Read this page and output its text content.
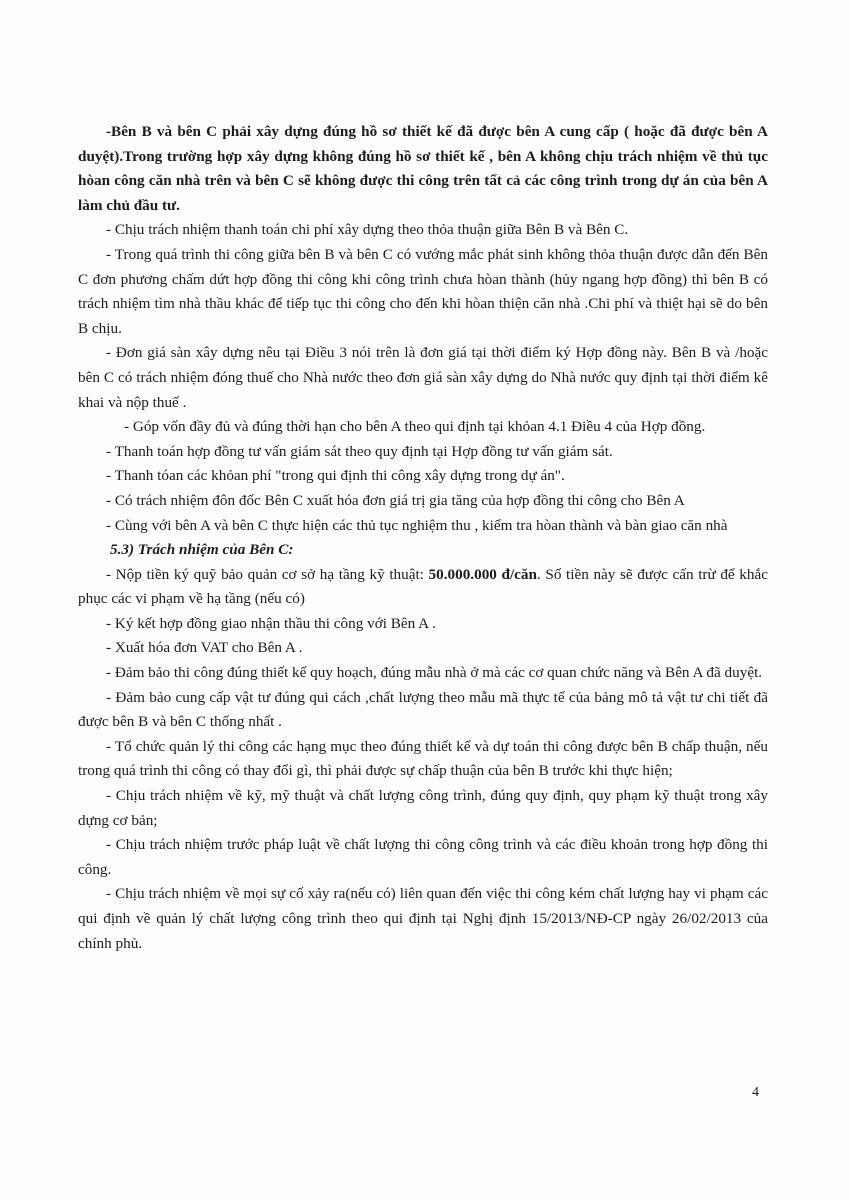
-Bên B và bên C phải xây dựng đúng hồ sơ thiết kế đã được bên A cung cấp ( hoặc đã được bên A duyệt).Trong trường hợp xây dựng không đúng hồ sơ thiết kế , bên A không chịu trách nhiệm về thủ tục hòan công căn nhà trên và bên C sẽ không được thi công trên tất cả các công trình trong dự án của bên A làm chủ đầu tư.

- Chịu trách nhiệm thanh toán chi phí xây dựng theo thỏa thuận giữa Bên B và Bên C.

- Trong quá trình thi công giữa bên B và bên C có vướng mắc phát sinh không thỏa thuận được dẫn đến Bên C đơn phương chấm dứt hợp đồng thi công khi công trình chưa hòan thành (hủy ngang hợp đồng) thì bên B có trách nhiệm tìm nhà thầu khác để tiếp tục thi công cho đến khi hòan thiện căn nhà .Chi phí và thiệt hại sẽ do bên B chịu.

- Đơn giá sàn xây dựng nêu tại Điều 3 nói trên là đơn giá tại thời điểm ký Hợp đồng này. Bên B và /hoặc bên C có trách nhiệm đóng thuế cho Nhà nước theo đơn giá sàn xây dựng do Nhà nước quy định tại thời điểm kê khai và nộp thuế .

- Góp vốn đầy đủ và đúng thời hạn cho bên A theo qui định tại khỏan 4.1 Điều 4 của Hợp đồng.

- Thanh toán hợp đồng tư vấn giám sát theo quy định tại Hợp đồng tư vấn giám sát.

- Thanh tóan các khỏan phí "trong qui định thi công xây dựng trong dự án".

- Có trách nhiệm đôn đốc Bên C xuất hóa đơn giá trị gia tăng của hợp đồng thi công cho Bên A

- Cùng với bên A và bên C thực hiện các thủ tục nghiệm thu , kiểm tra hòan thành và bàn giao căn nhà

5.3) Trách nhiệm của Bên C:

- Nộp tiền ký quỹ bảo quản cơ sở hạ tầng kỹ thuật: 50.000.000 đ/căn. Số tiền này sẽ được cấn trừ để khắc phục các vi phạm về hạ tầng (nếu có)

- Ký kết hợp đồng giao nhận thầu thi công với Bên A .

- Xuất hóa đơn VAT cho Bên A .

- Đảm bảo thi công đúng thiết kế quy hoạch, đúng mẫu nhà ở mà các cơ quan chức năng và Bên A đã duyệt.

- Đảm bảo cung cấp vật tư đúng qui cách ,chất lượng theo mẫu mã thực tế của bảng mô tả vật tư chi tiết đã được bên B và bên C thống nhất .

- Tổ chức quản lý thi công các hạng mục theo đúng thiết kế và dự toán thi công được bên B chấp thuận, nếu trong quá trình thi công có thay đổi gì, thì phải được sự chấp thuận của bên B trước khi thực hiện;

- Chịu trách nhiệm về kỹ, mỹ thuật và chất lượng công trình, đúng quy định, quy phạm kỹ thuật trong xây dựng cơ bản;

- Chịu trách nhiệm trước pháp luật về chất lượng thi công công trình và các điều khoản trong hợp đồng thi công.

- Chịu trách nhiệm về mọi sự cố xảy ra(nếu có) liên quan đến việc thi công kém chất lượng hay vi phạm các qui định về quản lý chất lượng công trình theo qui định tại Nghị định 15/2013/NĐ-CP ngày 26/02/2013 của chính phủ.

4
